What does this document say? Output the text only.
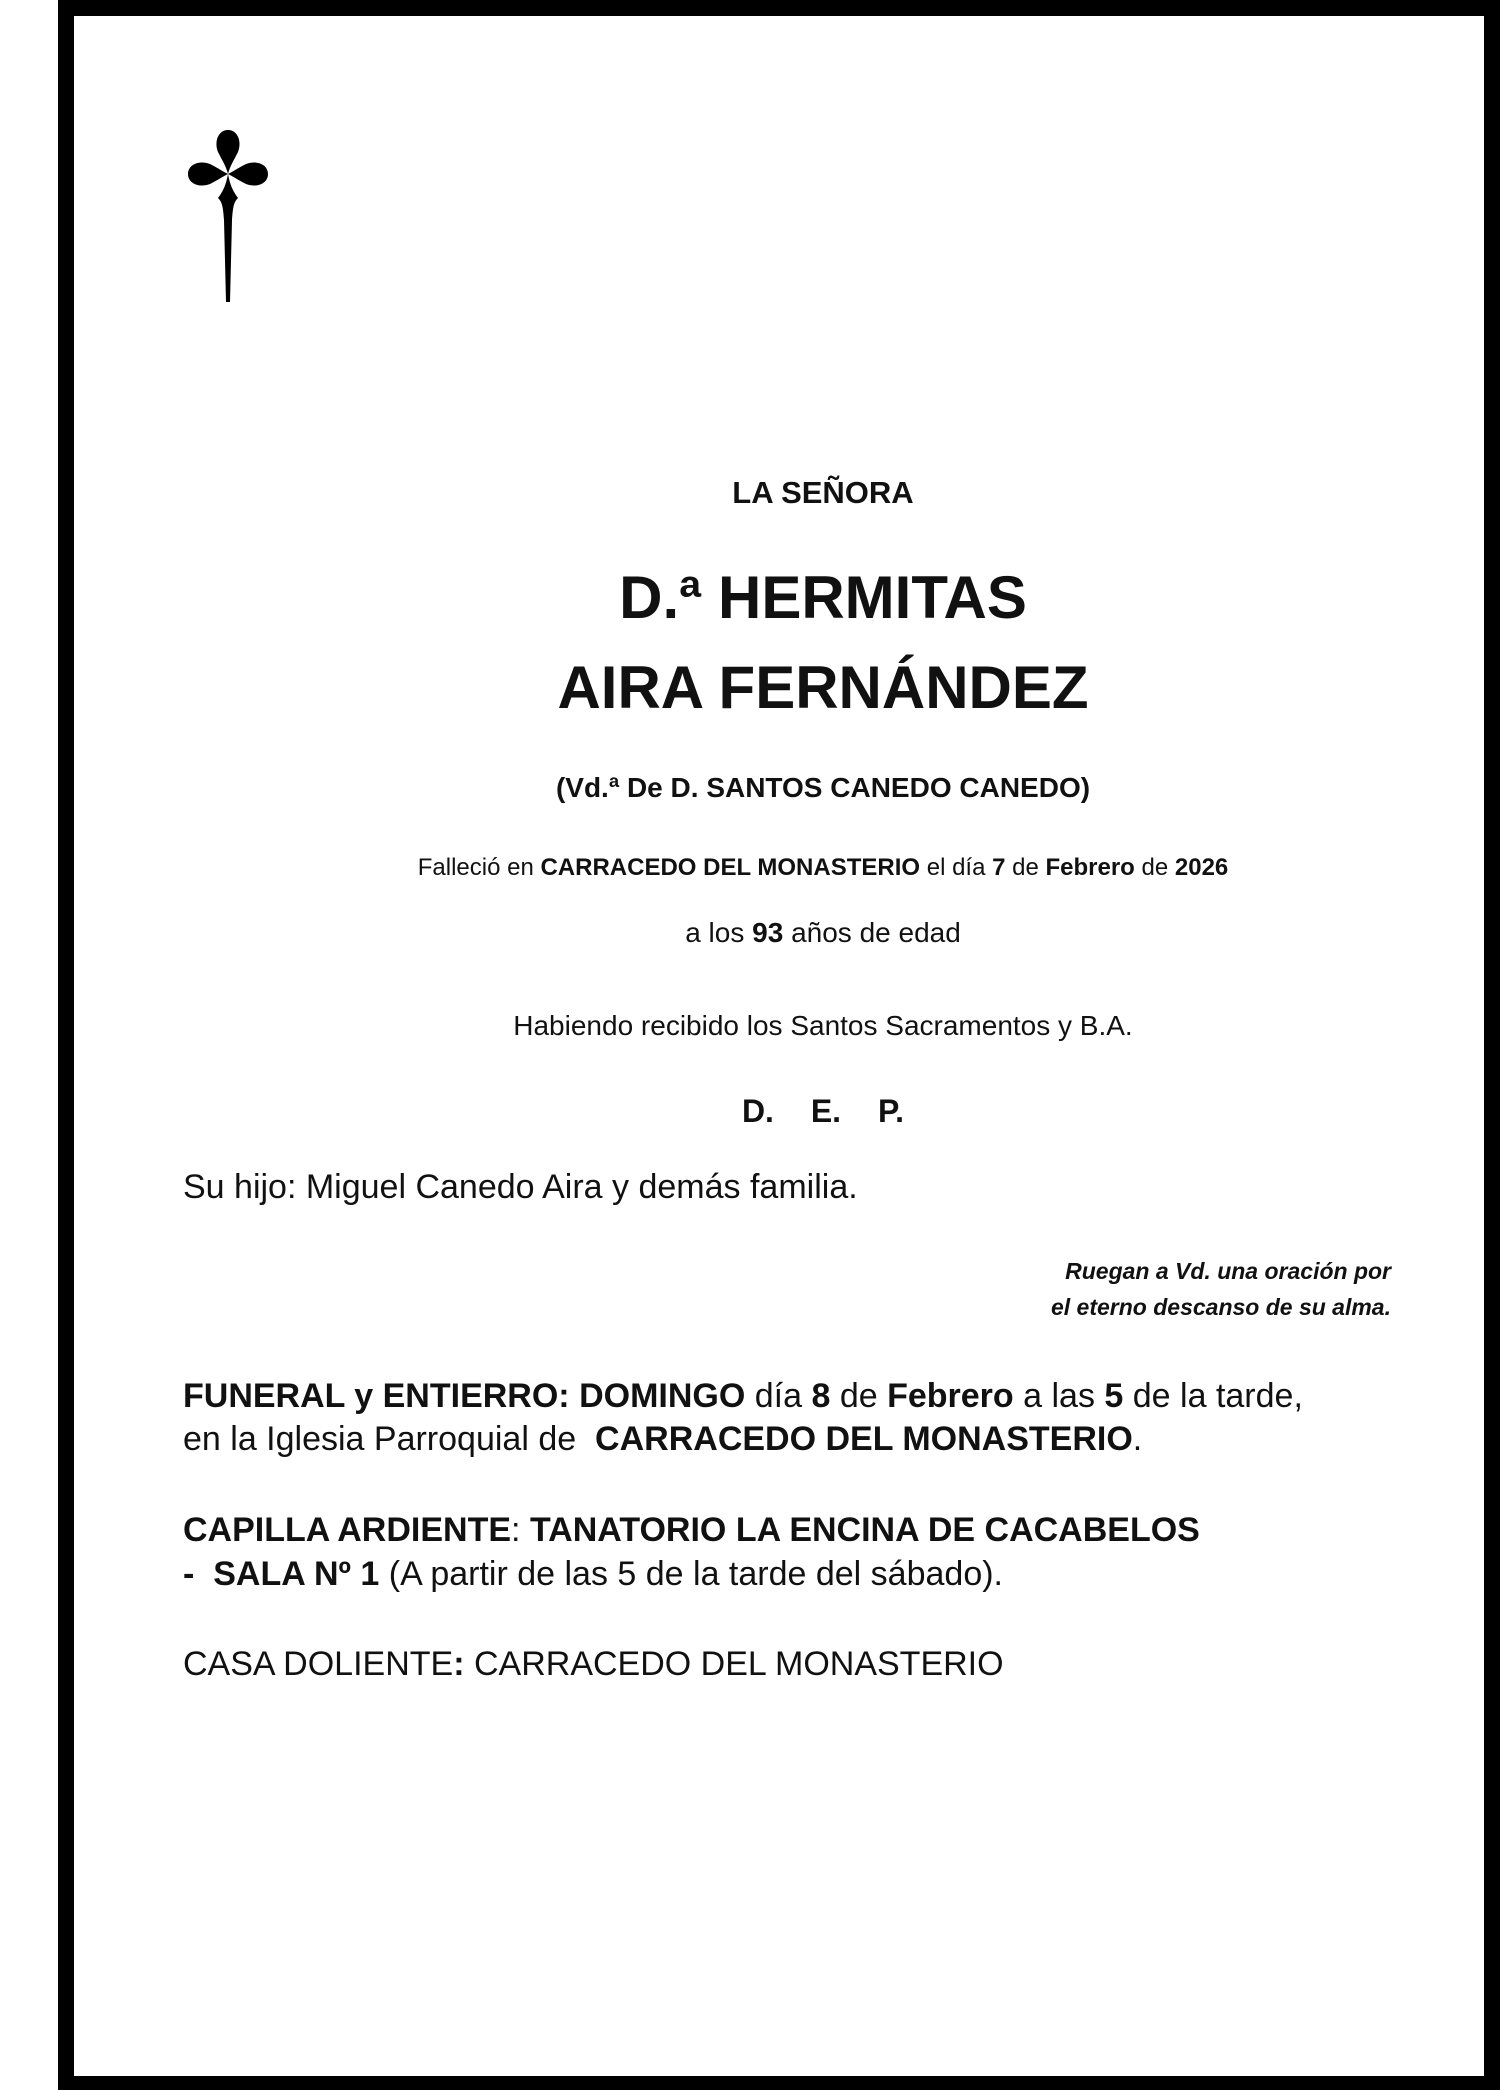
LA SEÑORA
D.ª HERMITAS
AIRA FERNÁNDEZ
(Vd.ª De D. SANTOS CANEDO CANEDO)
Falleció en CARRACEDO DEL MONASTERIO el día 7 de Febrero de 2026
a los 93 años de edad
Habiendo recibido los Santos Sacramentos y B.A.
D. E. P.
Su hijo: Miguel Canedo Aira y demás familia.
Ruegan a Vd. una oración por
el eterno descanso de su alma.
FUNERAL y ENTIERRO: DOMINGO día 8 de Febrero a las 5 de la tarde,
en la Iglesia Parroquial de  CARRACEDO DEL MONASTERIO.
CAPILLA ARDIENTE: TANATORIO LA ENCINA DE CACABELOS
-  SALA Nº 1 (A partir de las 5 de la tarde del sábado).
CASA DOLIENTE: CARRACEDO DEL MONASTERIO
